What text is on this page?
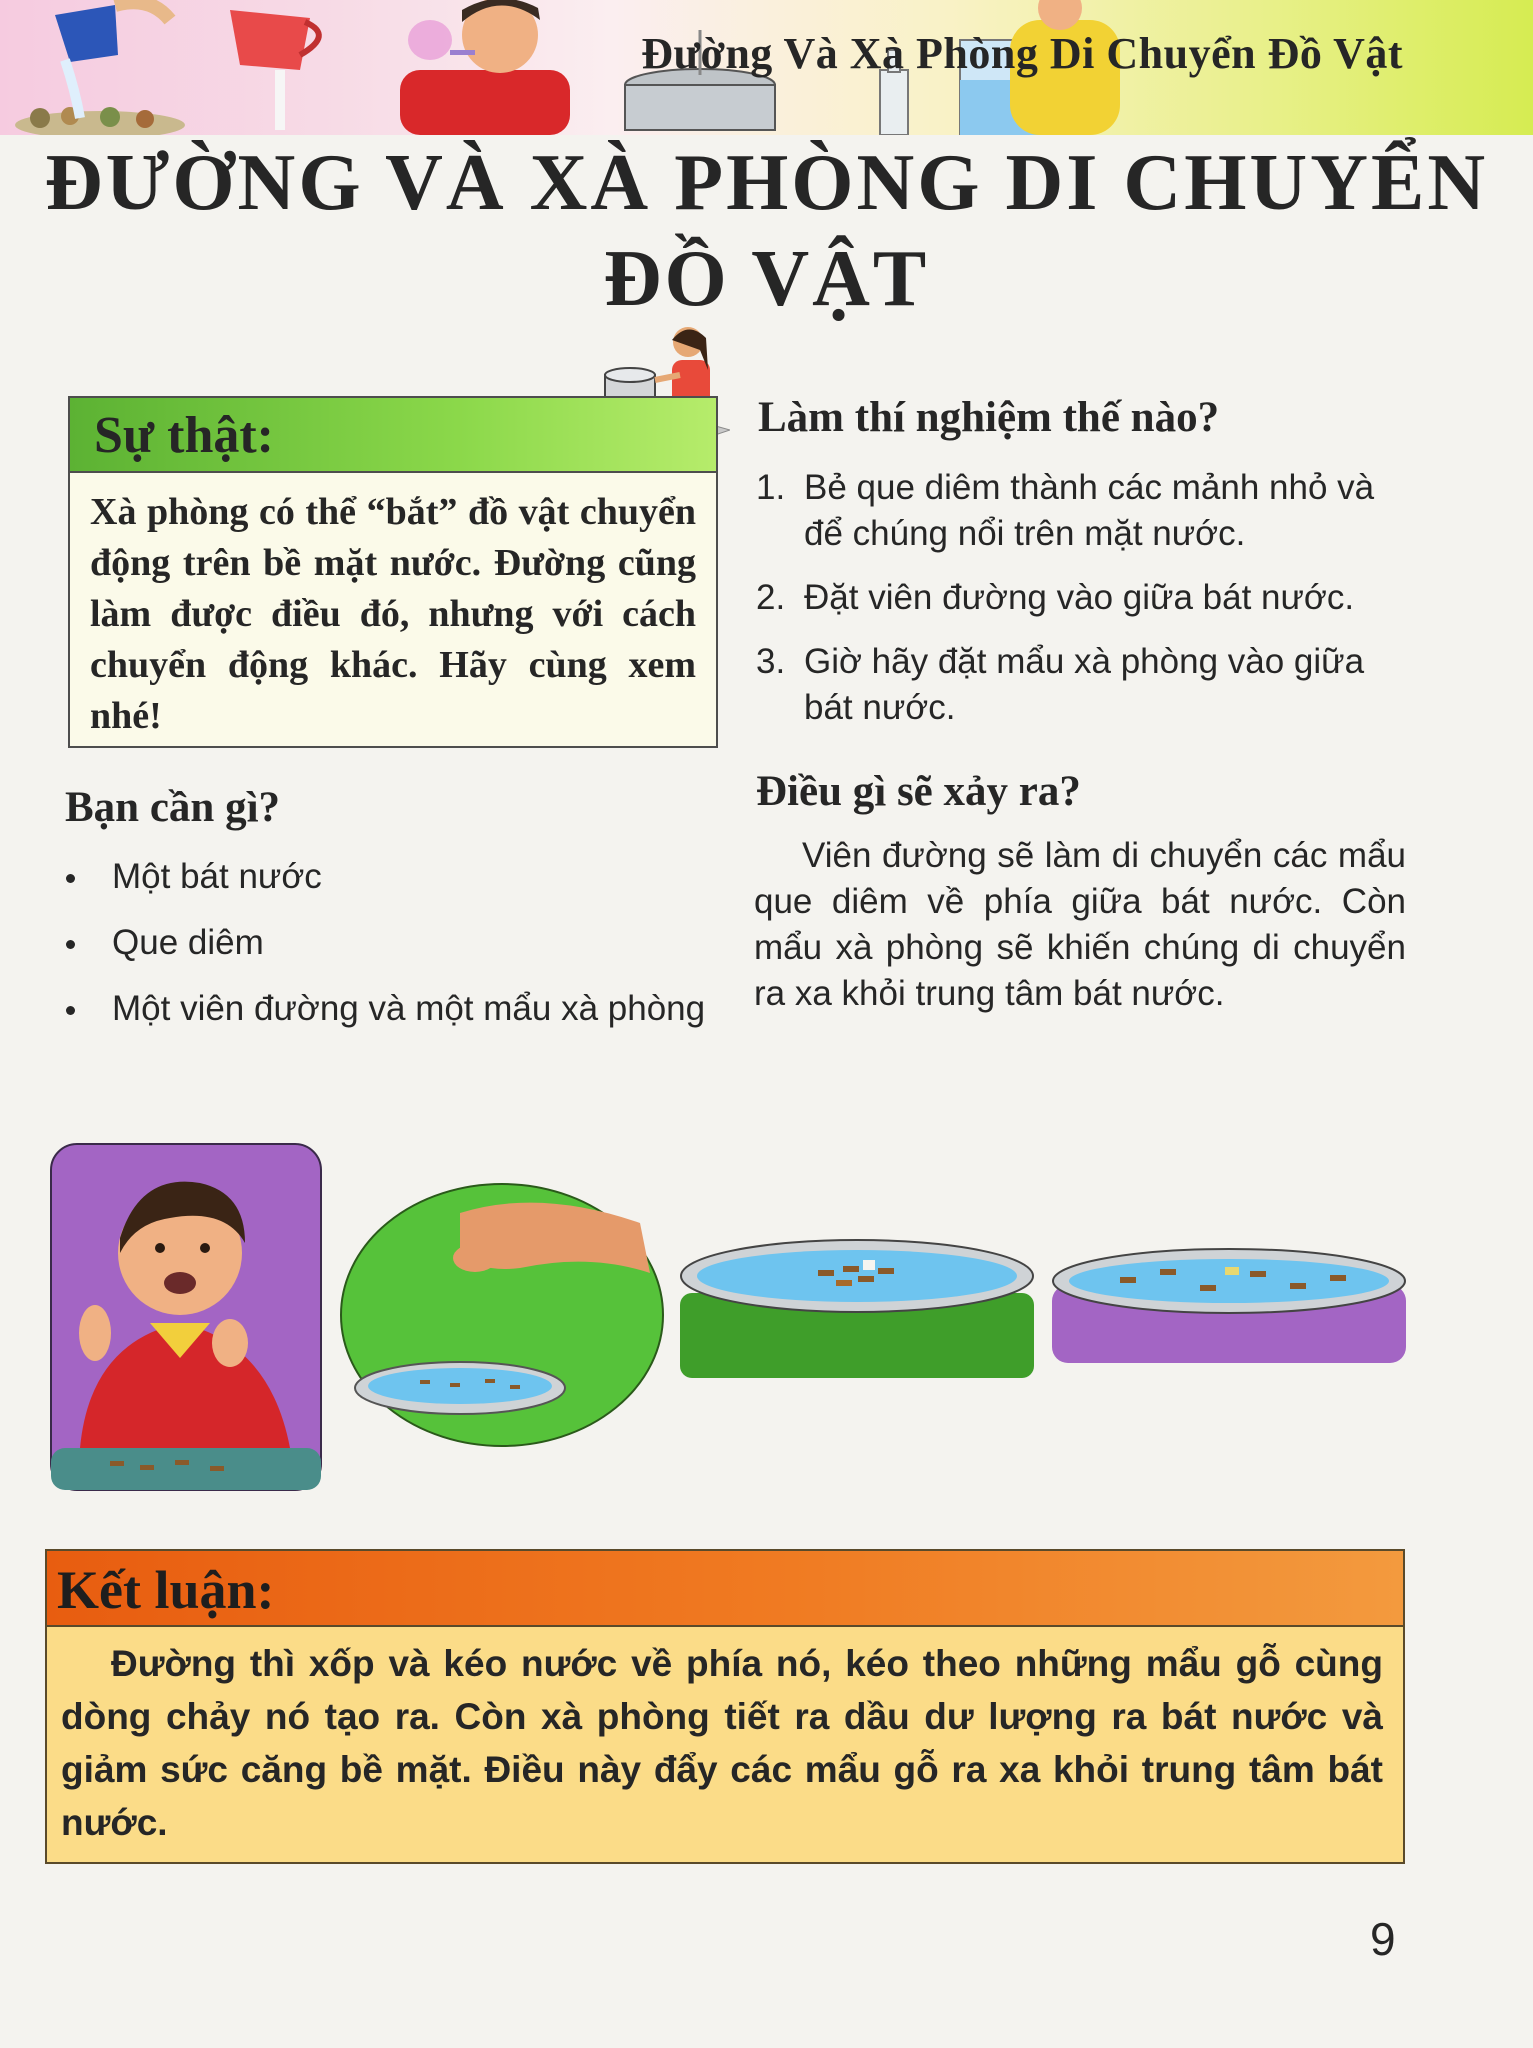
Đường Và Xà Phòng Di Chuyển Đồ Vật
ĐƯỜNG VÀ XÀ PHÒNG DI CHUYỂN
ĐỒ VẬT
Sự thật:
Xà phòng có thể “bắt” đồ vật chuyển động trên bề mặt nước. Đường cũng làm được điều đó, nhưng với cách chuyển động khác. Hãy cùng xem nhé!
Bạn cần gì?
Một bát nước
Que diêm
Một viên đường và một mẩu xà phòng
Làm thí nghiệm thế nào?
1. Bẻ que diêm thành các mảnh nhỏ và để chúng nổi trên mặt nước.
2. Đặt viên đường vào giữa bát nước.
3. Giờ hãy đặt mẩu xà phòng vào giữa bát nước.
Điều gì sẽ xảy ra?

Viên đường sẽ làm di chuyển các mẩu que diêm về phía giữa bát nước. Còn mẩu xà phòng sẽ khiến chúng di chuyển ra xa khỏi trung tâm bát nước.

Kết luận:
Đường thì xốp và kéo nước về phía nó, kéo theo những mẩu gỗ cùng dòng chảy nó tạo ra. Còn xà phòng tiết ra dầu dư lượng ra bát nước và giảm sức căng bề mặt. Điều này đẩy các mẩu gỗ ra xa khỏi trung tâm bát nước.
9
